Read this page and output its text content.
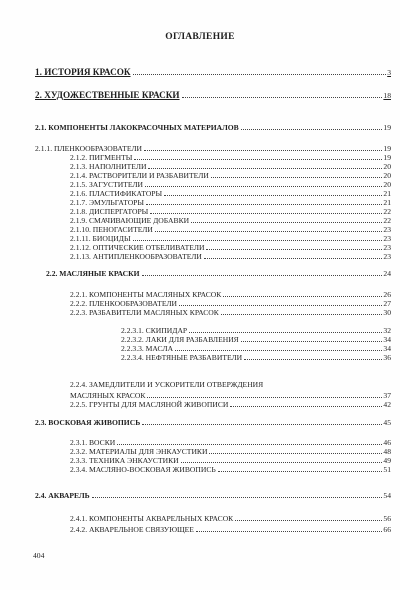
ОГЛАВЛЕНИЕ
1. ИСТОРИЯ КРАСОК	3
2. ХУДОЖЕСТВЕННЫЕ КРАСКИ	18
2.1. КОМПОНЕНТЫ ЛАКОКРАСОЧНЫХ МАТЕРИАЛОВ	19
2.1.1. ПЛЕНКООБРАЗОВАТЕЛИ	19
2.1.2. ПИГМЕНТЫ	19
2.1.3. НАПОЛНИТЕЛИ	20
2.1.4. РАСТВОРИТЕЛИ И РАЗБАВИТЕЛИ	20
2.1.5. ЗАГУСТИТЕЛИ	20
2.1.6. ПЛАСТИФИКАТОРЫ	21
2.1.7. ЭМУЛЬГАТОРЫ	21
2.1.8. ДИСПЕРГАТОРЫ	22
2.1.9. СМАЧИВАЮЩИЕ ДОБАВКИ	22
2.1.10. ПЕНОГАСИТЕЛИ	23
2.1.11. БИОЦИДЫ	23
2.1.12. ОПТИЧЕСКИЕ ОТБЕЛИВАТЕЛИ	23
2.1.13. АНТИПЛЕНКООБРАЗОВАТЕЛИ	23
2.2. МАСЛЯНЫЕ КРАСКИ	24
2.2.1. КОМПОНЕНТЫ МАСЛЯНЫХ КРАСОК	26
2.2.2. ПЛЕНКООБРАЗОВАТЕЛИ	27
2.2.3. РАЗБАВИТЕЛИ МАСЛЯНЫХ КРАСОК	30
2.2.3.1. СКИПИДАР	32
2.2.3.2. ЛАКИ ДЛЯ РАЗБАВЛЕНИЯ	34
2.2.3.3. МАСЛА	34
2.2.3.4. НЕФТЯНЫЕ РАЗБАВИТЕЛИ	36
2.2.4. ЗАМЕДЛИТЕЛИ И УСКОРИТЕЛИ ОТВЕРЖДЕНИЯ
МАСЛЯНЫХ КРАСОК	37
2.2.5. ГРУНТЫ ДЛЯ МАСЛЯНОЙ ЖИВОПИСИ	42
2.3. ВОСКОВАЯ ЖИВОПИСЬ	45
2.3.1. ВОСКИ	46
2.3.2. МАТЕРИАЛЫ ДЛЯ ЭНКАУСТИКИ	48
2.3.3. ТЕХНИКА ЭНКАУСТИКИ	49
2.3.4. МАСЛЯНО-ВОСКОВАЯ ЖИВОПИСЬ	51
2.4. АКВАРЕЛЬ	54
2.4.1. КОМПОНЕНТЫ АКВАРЕЛЬНЫХ КРАСОК	56
2.4.2. АКВАРЕЛЬНОЕ СВЯЗУЮЩЕЕ	66
404
